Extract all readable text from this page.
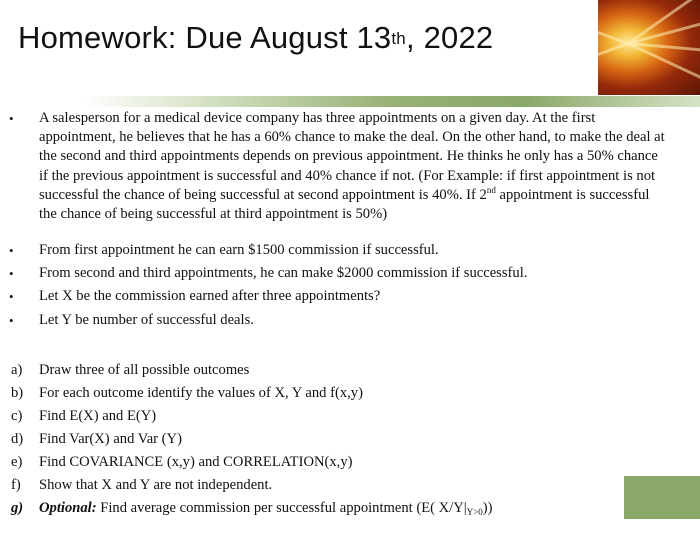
Homework: Due August 13th, 2022
• A salesperson for a medical device company has three appointments on a given day. At the first appointment, he believes that he has a 60% chance to make the deal. On the other hand, to make the deal at the second and third appointments depends on previous appointment. He thinks he only has a 50% chance if the previous appointment is successful and 40% chance if not. (For Example: if first appointment is not successful the chance of being successful at second appointment is 40%. If 2nd appointment is successful the chance of being successful at third appointment is 50%)
• From first appointment he can earn $1500 commission if successful.
• From second and third appointments, he can make $2000 commission if successful.
• Let X be the commission earned after three appointments?
• Let Y be number of successful deals.
a) Draw three of all possible outcomes
b) For each outcome identify the values of X, Y and f(x,y)
c) Find E(X) and E(Y)
d) Find Var(X) and Var (Y)
e) Find COVARIANCE (x,y) and CORRELATION(x,y)
f) Show that X and Y are not independent.
g) Optional: Find average commission per successful appointment (E( $X/Y|_{Y>0}$))
